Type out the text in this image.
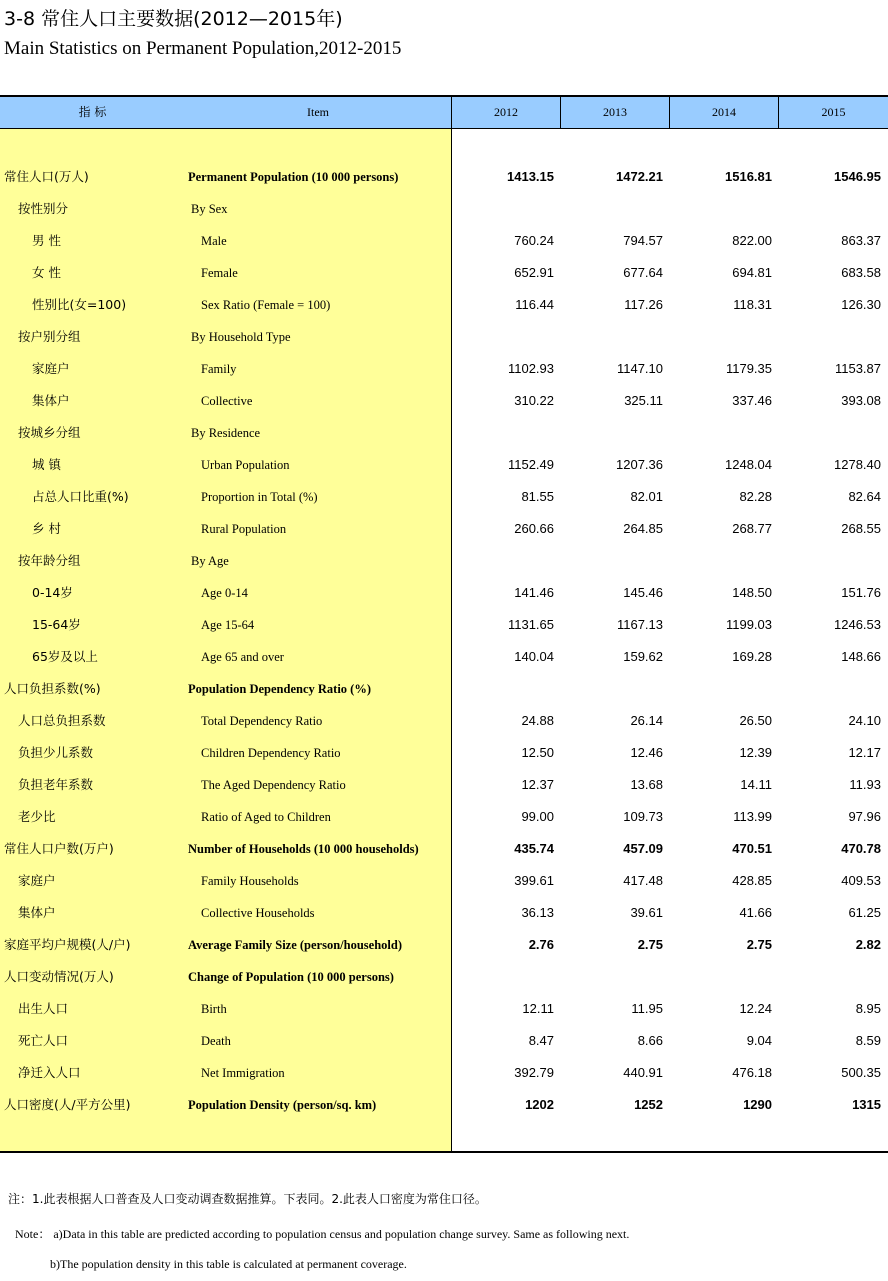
3-8 常住人口主要数据(2012—2015年)
Main Statistics on Permanent Population,2012-2015
指 标	Item	2012	2013	2014	2015
常住人口(万人)	Permanent Population (10 000 persons)	1413.15	1472.21	1516.81	1546.95
按性别分	By Sex
男 性	Male	760.24	794.57	822.00	863.37
女 性	Female	652.91	677.64	694.81	683.58
性别比(女=100)	Sex Ratio (Female = 100)	116.44	117.26	118.31	126.30
按户别分组	By Household Type
家庭户	Family	1102.93	1147.10	1179.35	1153.87
集体户	Collective	310.22	325.11	337.46	393.08
按城乡分组	By Residence
城 镇	Urban Population	1152.49	1207.36	1248.04	1278.40
占总人口比重(%)	Proportion in Total (%)	81.55	82.01	82.28	82.64
乡 村	Rural Population	260.66	264.85	268.77	268.55
按年龄分组	By Age
0-14岁	Age 0-14	141.46	145.46	148.50	151.76
15-64岁	Age 15-64	1131.65	1167.13	1199.03	1246.53
65岁及以上	Age 65 and over	140.04	159.62	169.28	148.66
人口负担系数(%)	Population Dependency Ratio (%)
人口总负担系数	Total Dependency Ratio	24.88	26.14	26.50	24.10
负担少儿系数	Children Dependency Ratio	12.50	12.46	12.39	12.17
负担老年系数	The Aged Dependency Ratio	12.37	13.68	14.11	11.93
老少比	Ratio of Aged to Children	99.00	109.73	113.99	97.96
常住人口户数(万户)	Number of Households (10 000 households)	435.74	457.09	470.51	470.78
家庭户	Family Households	399.61	417.48	428.85	409.53
集体户	Collective Households	36.13	39.61	41.66	61.25
家庭平均户规模(人/户)	Average Family Size (person/household)	2.76	2.75	2.75	2.82
人口变动情况(万人)	Change of Population (10 000 persons)
出生人口	Birth	12.11	11.95	12.24	8.95
死亡人口	Death	8.47	8.66	9.04	8.59
净迁入人口	Net Immigration	392.79	440.91	476.18	500.35
人口密度(人/平方公里)	Population Density (person/sq. km)	1202	1252	1290	1315
注：1.此表根据人口普查及人口变动调查数据推算。下表同。2.此表人口密度为常住口径。
Note： a)Data in this table are predicted according to population census and population change survey. Same as following next.
b)The population density in this table is calculated at permanent coverage.
